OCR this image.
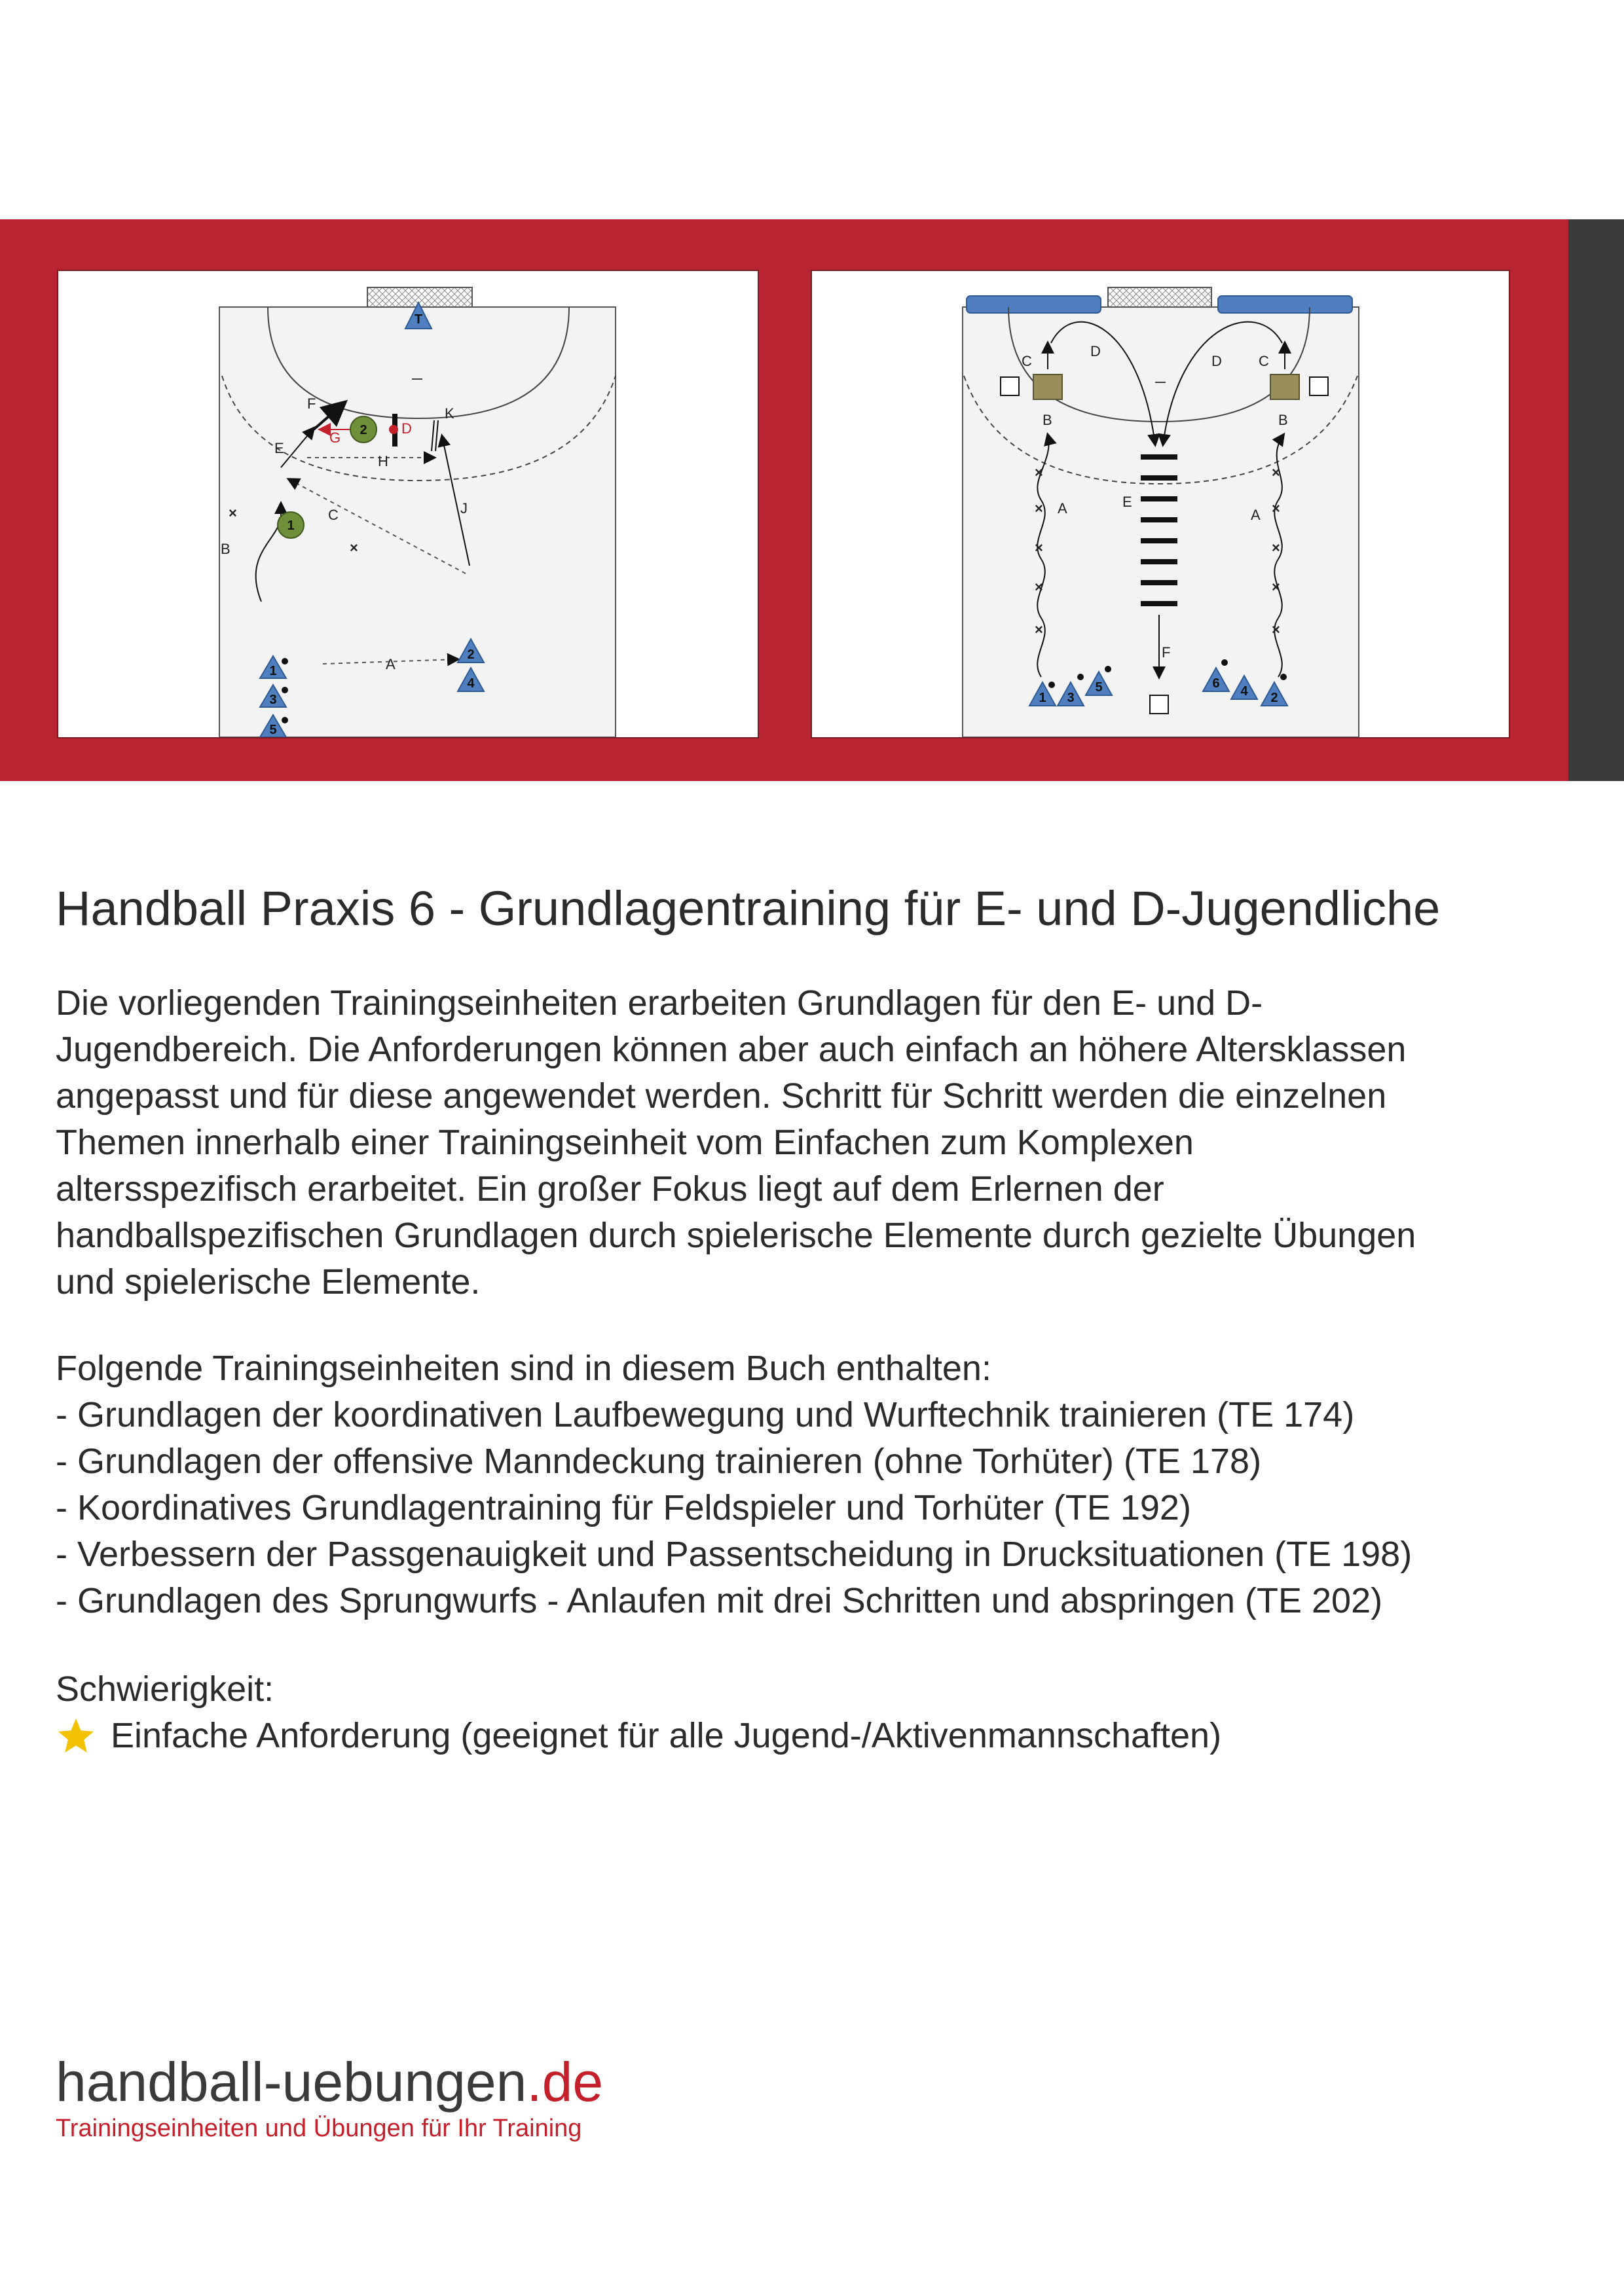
T
2
1
×
×
1
3
5
2
4
B
A
C
E
F
G
D
H
J
K
×
×
×
×
×
×
×
×
×
×
1 3
5	6
4 2
A
B
C
D
E
F
A
B
C
D
Handball Praxis 6 - Grundlagentraining für E- und D-Jugendliche

Die vorliegenden Trainingseinheiten erarbeiten Grundlagen für den E- und D-

Jugendbereich. Die Anforderungen können aber auch einfach an höhere Altersklassen

angepasst und für diese angewendet werden. Schritt für Schritt werden die einzelnen

Themen innerhalb einer Trainingseinheit vom Einfachen zum Komplexen

altersspezifisch erarbeitet. Ein großer Fokus liegt auf dem Erlernen der

handballspezifischen Grundlagen durch spielerische Elemente durch gezielte Übungen

und spielerische Elemente.

Folgende Trainingseinheiten sind in diesem Buch enthalten:
- Grundlagen der koordinativen Laufbewegung und Wurftechnik trainieren (TE 174)
- Grundlagen der offensive Manndeckung trainieren (ohne Torhüter) (TE 178)
- Koordinatives Grundlagentraining für Feldspieler und Torhüter (TE 192)
- Verbessern der Passgenauigkeit und Passentscheidung in Drucksituationen (TE 198)
- Grundlagen des Sprungwurfs - Anlaufen mit drei Schritten und abspringen (TE 202)
Schwierigkeit:
Einfache Anforderung (geeignet für alle Jugend-/Aktivenmannschaften)
handball-uebungen.de
Trainingseinheiten und Übungen für Ihr Training
